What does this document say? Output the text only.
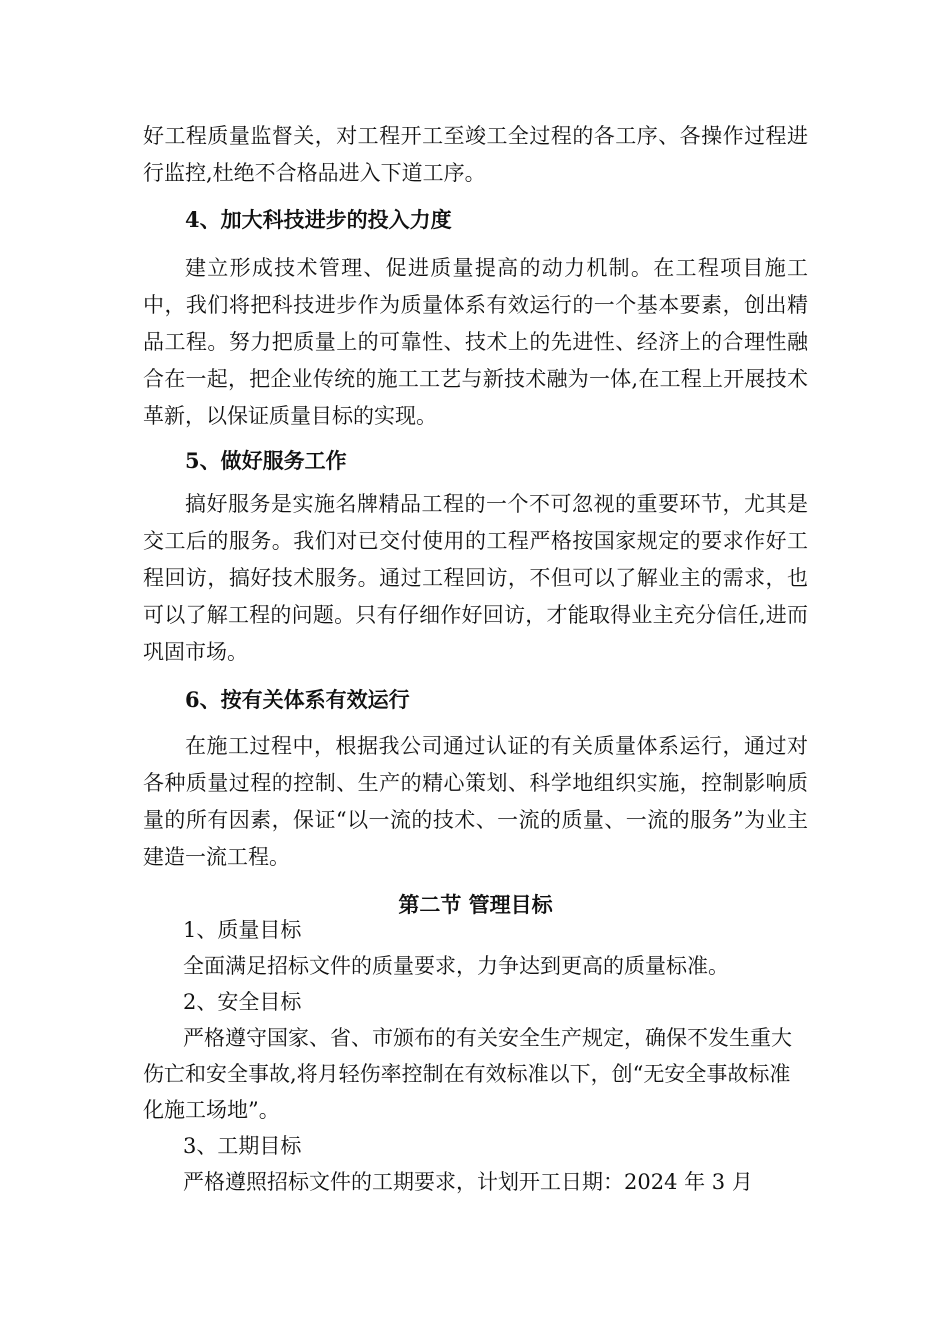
好工程质量监督关，对工程开工至竣工全过程的各工序、各操作过程进行监控,杜绝不合格品进入下道工序。

4、加大科技进步的投入力度

建立形成技术管理、促进质量提高的动力机制。在工程项目施工中，我们将把科技进步作为质量体系有效运行的一个基本要素，创出精品工程。努力把质量上的可靠性、技术上的先进性、经济上的合理性融合在一起，把企业传统的施工工艺与新技术融为一体,在工程上开展技术革新，以保证质量目标的实现。

5、做好服务工作

搞好服务是实施名牌精品工程的一个不可忽视的重要环节，尤其是交工后的服务。我们对已交付使用的工程严格按国家规定的要求作好工程回访，搞好技术服务。通过工程回访，不但可以了解业主的需求，也可以了解工程的问题。只有仔细作好回访，才能取得业主充分信任,进而巩固市场。

6、按有关体系有效运行

在施工过程中，根据我公司通过认证的有关质量体系运行，通过对各种质量过程的控制、生产的精心策划、科学地组织实施，控制影响质量的所有因素，保证“以一流的技术、一流的质量、一流的服务”为业主建造一流工程。

第二节 管理目标

1、质量目标

全面满足招标文件的质量要求，力争达到更高的质量标准。

2、安全目标

严格遵守国家、省、市颁布的有关安全生产规定，确保不发生重大伤亡和安全事故,将月轻伤率控制在有效标准以下，创“无安全事故标准化施工场地”。

3、工期目标

严格遵照招标文件的工期要求，计划开工日期：2024 年 3 月
